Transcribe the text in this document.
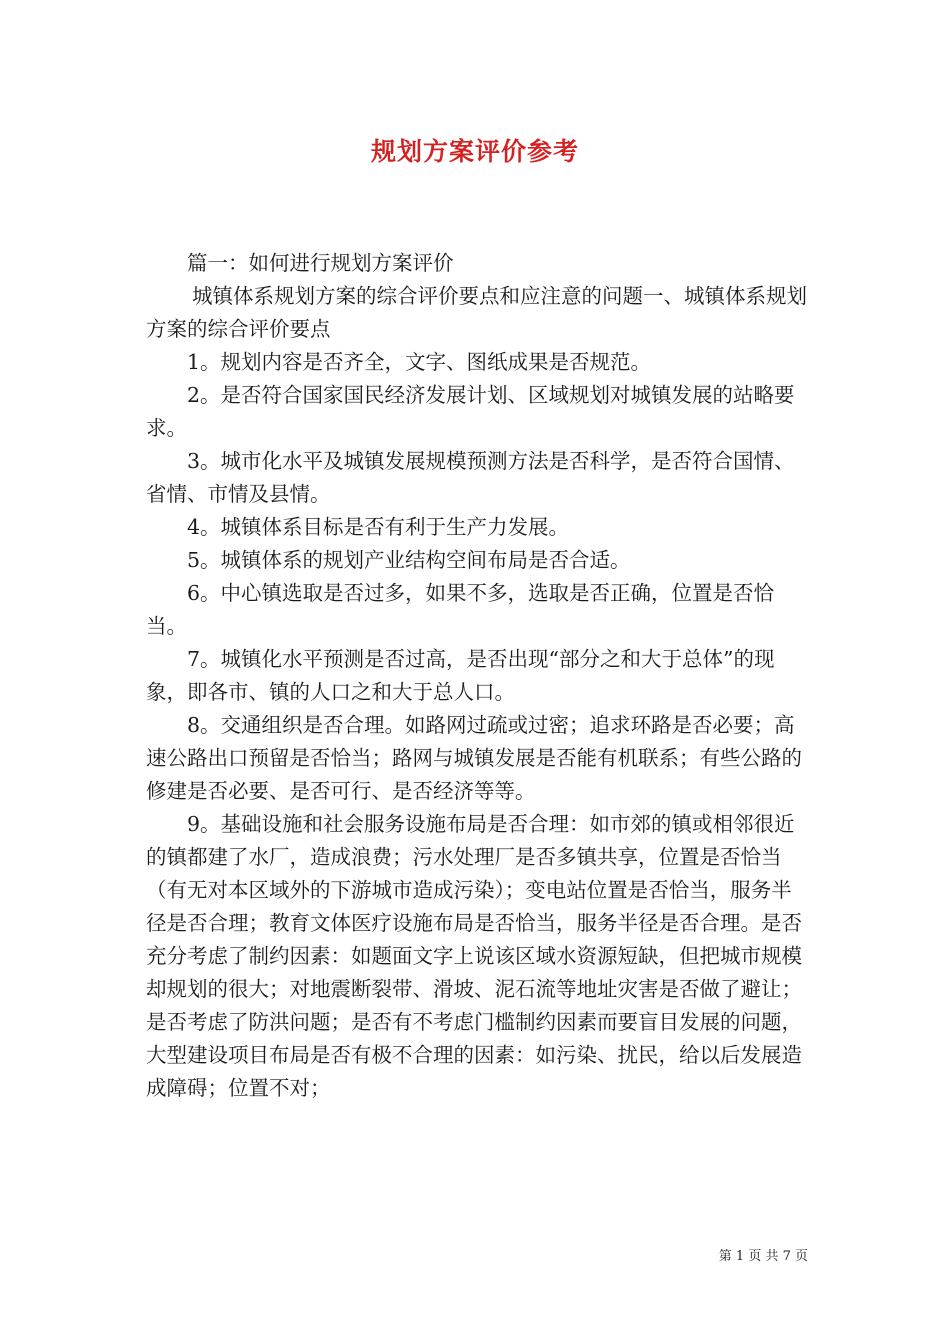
规划方案评价参考

篇一：如何进行规划方案评价

城镇体系规划方案的综合评价要点和应注意的问题一、城镇体系规划方案的综合评价要点

1。规划内容是否齐全，文字、图纸成果是否规范。

2。是否符合国家国民经济发展计划、区域规划对城镇发展的站略要求。

3。城市化水平及城镇发展规模预测方法是否科学，是否符合国情、省情、市情及县情。

4。城镇体系目标是否有利于生产力发展。

5。城镇体系的规划产业结构空间布局是否合适。

6。中心镇选取是否过多，如果不多，选取是否正确，位置是否恰当。

7。城镇化水平预测是否过高，是否出现“部分之和大于总体”的现象，即各市、镇的人口之和大于总人口。

8。交通组织是否合理。如路网过疏或过密；追求环路是否必要；高速公路出口预留是否恰当；路网与城镇发展是否能有机联系；有些公路的修建是否必要、是否可行、是否经济等等。

9。基础设施和社会服务设施布局是否合理：如市郊的镇或相邻很近的镇都建了水厂，造成浪费；污水处理厂是否多镇共享，位置是否恰当（有无对本区域外的下游城市造成污染）；变电站位置是否恰当，服务半径是否合理；教育文体医疗设施布局是否恰当，服务半径是否合理。是否充分考虑了制约因素：如题面文字上说该区域水资源短缺，但把城市规模却规划的很大；对地震断裂带、滑坡、泥石流等地址灾害是否做了避让；是否考虑了防洪问题；是否有不考虑门槛制约因素而要盲目发展的问题，大型建设项目布局是否有极不合理的因素：如污染、扰民，给以后发展造成障碍；位置不对；

第 1 页 共 7 页
